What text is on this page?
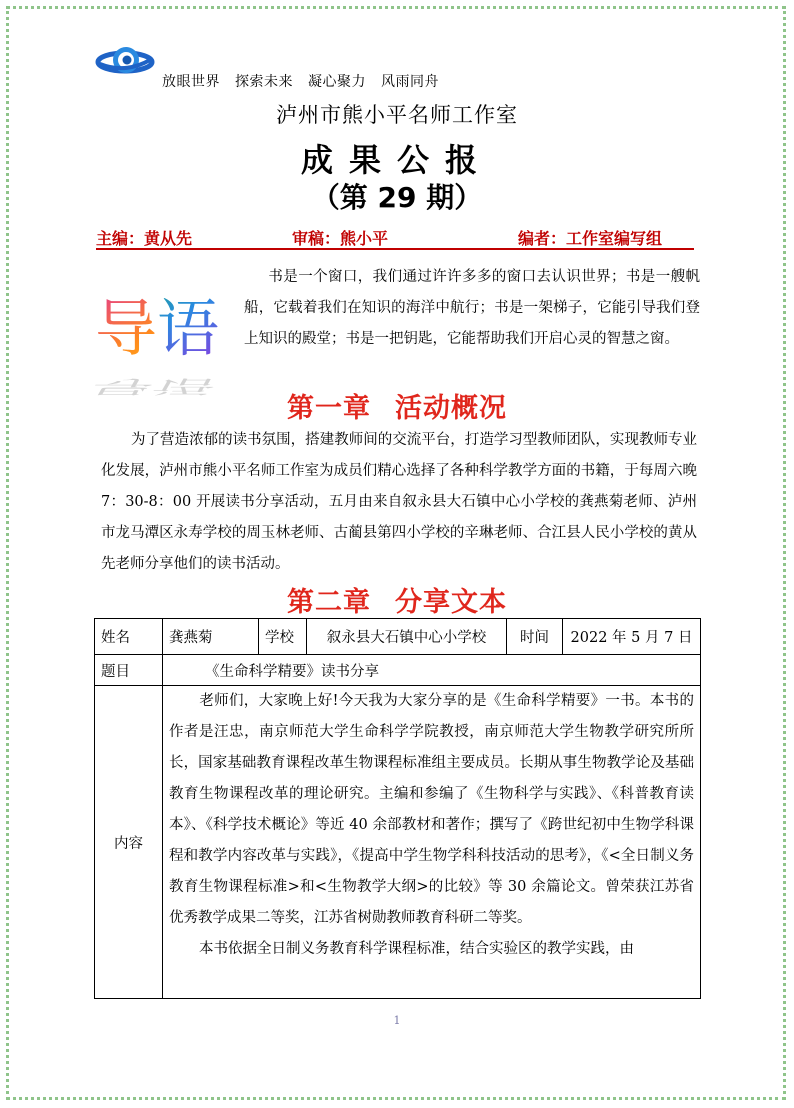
放眼世界 探索未来 凝心聚力 风雨同舟
泸州市熊小平名师工作室
成果公报
（第 29 期）
主编：黄从先	审稿：熊小平	编者：工作室编写组
导语
导语
书是一个窗口，我们通过许许多多的窗口去认识世界；书是一艘帆船，它载着我们在知识的海洋中航行；书是一架梯子，它能引导我们登上知识的殿堂；书是一把钥匙，它能帮助我们开启心灵的智慧之窗。
第一章 活动概况
为了营造浓郁的读书氛围，搭建教师间的交流平台，打造学习型教师团队，实现教师专业化发展，泸州市熊小平名师工作室为成员们精心选择了各种科学教学方面的书籍，于每周六晚 7：30-8：00 开展读书分享活动，五月由来自叙永县大石镇中心小学校的龚燕菊老师、泸州市龙马潭区永寿学校的周玉林老师、古蔺县第四小学校的辛琳老师、合江县人民小学校的黄从先老师分享他们的读书活动。
第二章 分享文本
姓名	龚燕菊	学校	叙永县大石镇中心小学校	时间	2022 年 5 月 7 日
题目	《生命科学精要》读书分享				
内容	老师们，大家晚上好!今天我为大家分享的是《生命科学精要》一书。本书的作者是汪忠，南京师范大学生命科学学院教授，南京师范大学生物教学研究所所长，国家基础教育课程改革生物课程标准组主要成员。长期从事生物教学论及基础教育生物课程改革的理论研究。主编和参编了《生物科学与实践》、《科普教育读本》、《科学技术概论》等近 40 余部教材和著作；撰写了《跨世纪初中生物学科课程和教学内容改革与实践》，《提高中学生物学科科技活动的思考》，《<全日制义务教育生物课程标准>和<生物教学大纲>的比较》等 30 余篇论文。曾荣获江苏省优秀教学成果二等奖，江苏省树勋教师教育科研二等奖。

本书依据全日制义务教育科学课程标准，结合实验区的教学实践，由				

1
